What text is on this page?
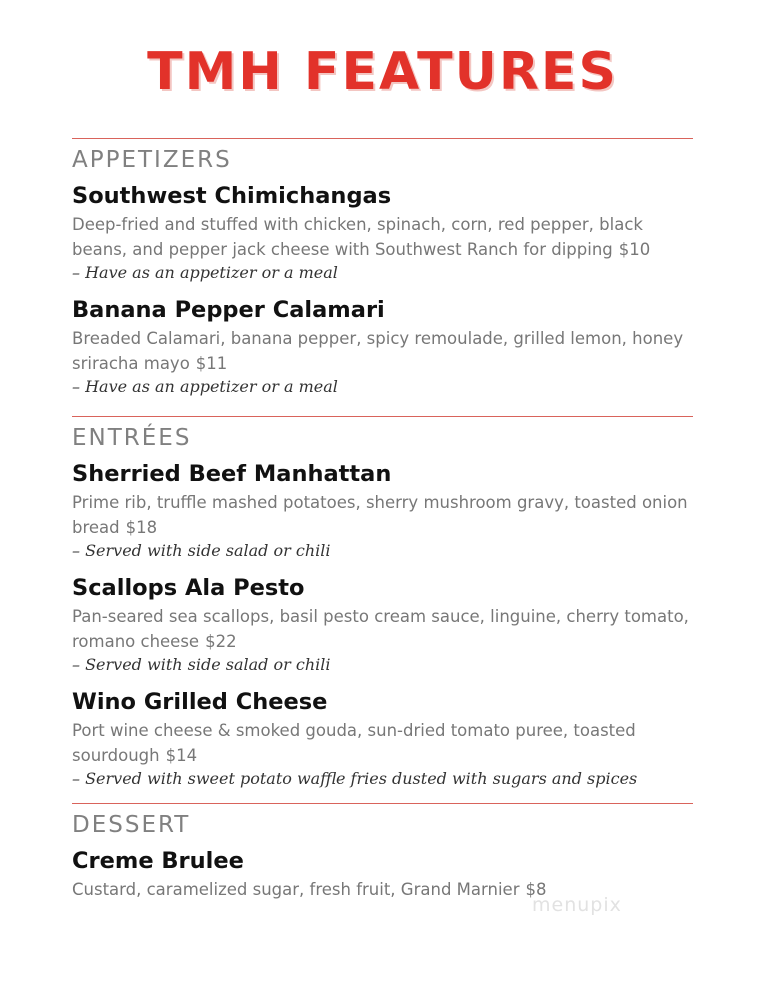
TMH FEATURES
APPETIZERS
Southwest Chimichangas
Deep-fried and stuffed with chicken, spinach, corn, red pepper, black beans, and pepper jack cheese with Southwest Ranch for dipping $10
– Have as an appetizer or a meal
Banana Pepper Calamari
Breaded Calamari, banana pepper, spicy remoulade, grilled lemon, honey sriracha mayo $11
– Have as an appetizer or a meal
ENTRÉES
Sherried Beef Manhattan
Prime rib, truffle mashed potatoes, sherry mushroom gravy, toasted onion bread $18
– Served with side salad or chili
Scallops Ala Pesto
Pan-seared sea scallops, basil pesto cream sauce, linguine, cherry tomato, romano cheese $22
– Served with side salad or chili
Wino Grilled Cheese
Port wine cheese & smoked gouda, sun-dried tomato puree, toasted sourdough $14
– Served with sweet potato waffle fries dusted with sugars and spices
DESSERT
Creme Brulee
Custard, caramelized sugar, fresh fruit, Grand Marnier $8
menupix
